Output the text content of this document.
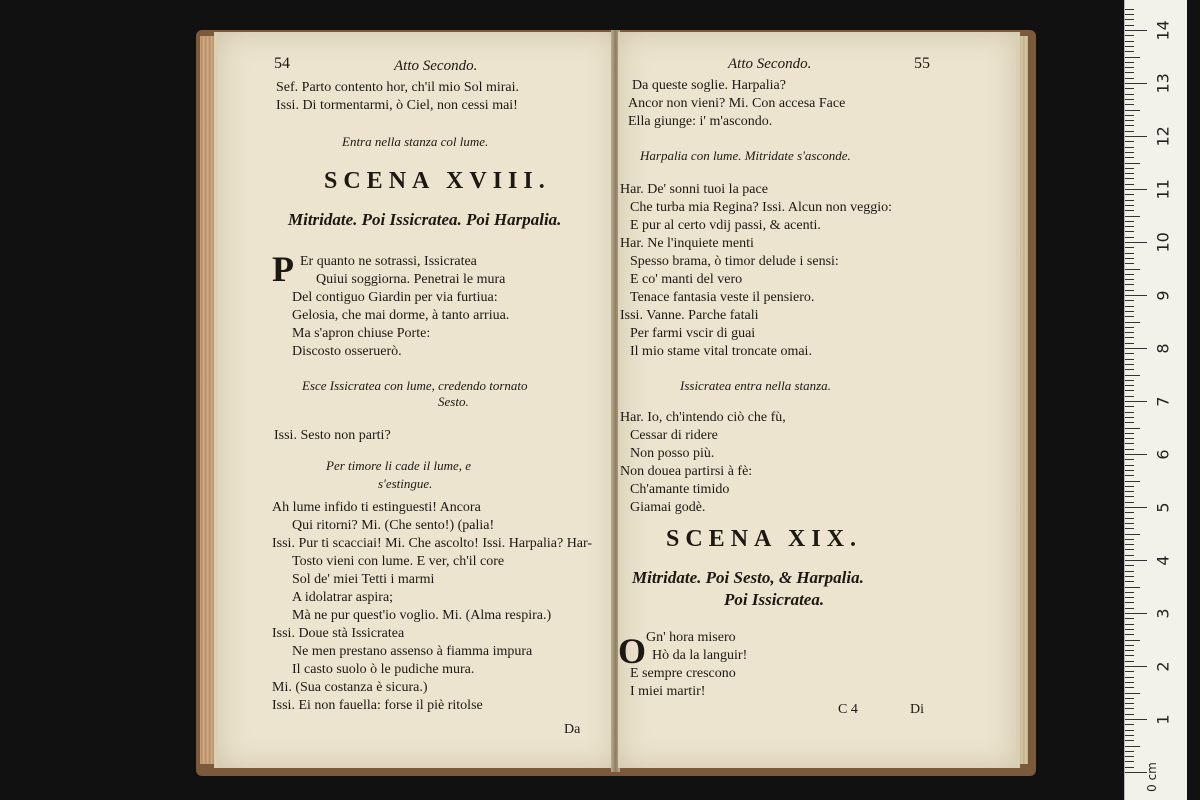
54	Atto Secondo.
Sef. Parto contento hor, ch'il mio Sol mirai.
Issi. Di tormentarmi, ò Ciel, non cessi mai!
Entra nella stanza col lume.
SCENA XVIII.
Mitridate. Poi Issicratea. Poi Harpalia.
P Er quanto ne sotrassi, Issicratea
Quiui soggiorna. Penetrai le mura
Del contiguo Giardin per via furtiua:
Gelosia, che mai dorme, à tanto arriua.
Ma s'apron chiuse Porte:
Discosto osseruerò.
Esce Issicratea con lume, credendo tornato
Sesto.
Issi. Sesto non parti?
Per timore li cade il lume, e
s'estingue.
Ah lume infido ti estinguesti! Ancora
Qui ritorni? Mi. (Che sento!) (palia!
Issi. Pur ti scacciai! Mi. Che ascolto! Issi. Harpalia? Har-
Tosto vieni con lume. E ver, ch'il core
Sol de' miei Tetti i marmi
A idolatrar aspira;
Mà ne pur quest'io voglio. Mi. (Alma respira.)
Issi. Doue stà Issicratea
Ne men prestano assenso à fiamma impura
Il casto suolo ò le pudiche mura.
Mi. (Sua costanza è sicura.)
Issi. Ei non fauella: forse il piè ritolse
Da
Atto Secondo.	55
Da queste soglie. Harpalia?
Ancor non vieni? Mi. Con accesa Face
Ella giunge: i' m'ascondo.
Harpalia con lume. Mitridate s'asconde.
Har. De' sonni tuoi la pace
Che turba mia Regina? Issi. Alcun non veggio:
E pur al certo vdij passi, & acenti.
Har. Ne l'inquiete menti
Spesso brama, ò timor delude i sensi:
E co' manti del vero
Tenace fantasia veste il pensiero.
Issi. Vanne. Parche fatali
Per farmi vscir di guai
Il mio stame vital troncate omai.
Issicratea entra nella stanza.
Har. Io, ch'intendo ciò che fù,
Cessar di ridere
Non posso più.
Non douea partirsi à fè:
Ch'amante timido
Giamai godè.
SCENA XIX.
Mitridate. Poi Sesto, & Harpalia.
Poi Issicratea.
O Gn' hora misero
Hò da la languir!
E sempre crescono
I miei martir!
C 4	Di
1
2
3
4
5
6
7
8
9
10
11
12
13
14
0 cm
